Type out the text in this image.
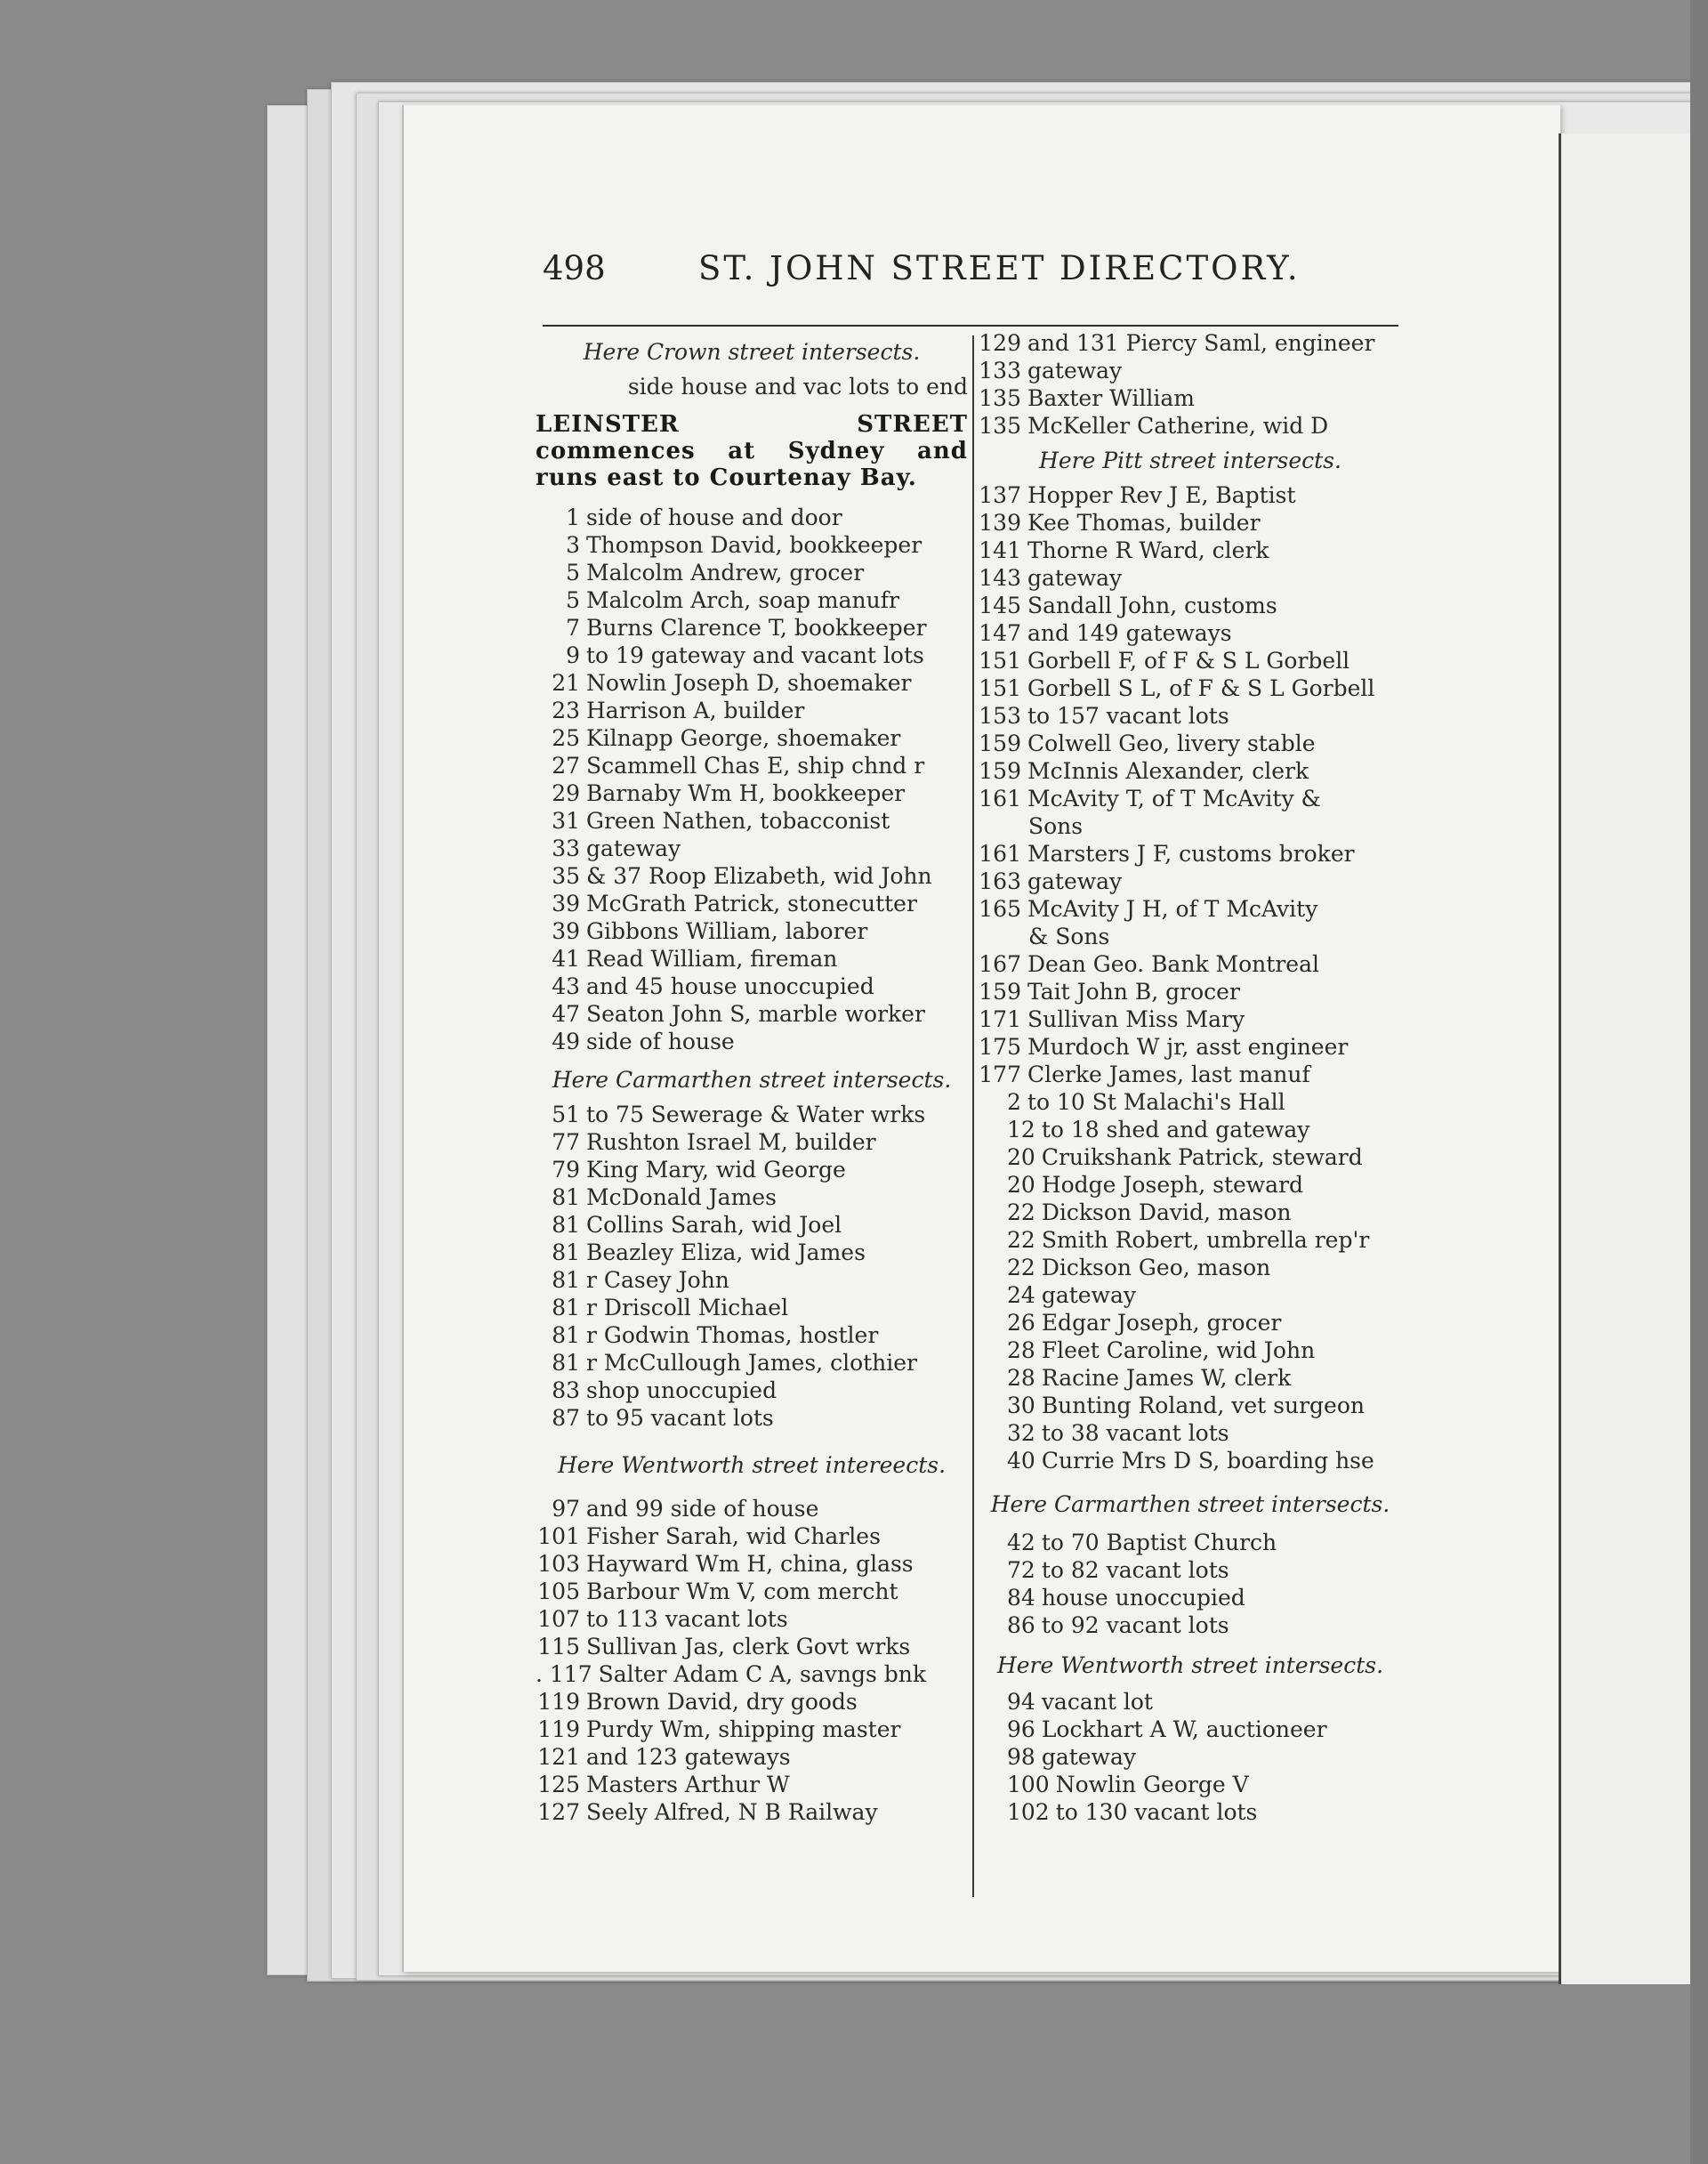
498	ST. JOHN STREET DIRECTORY.
Here Crown street intersects.
side house and vac lots to end
LEINSTER STREET commences at Sydney and runs east to Courtenay Bay.
1 side of house and door
3 Thompson David, bookkeeper
5 Malcolm Andrew, grocer
5 Malcolm Arch, soap manufr
7 Burns Clarence T, bookkeeper
9 to 19 gateway and vacant lots
21 Nowlin Joseph D, shoemaker
23 Harrison A, builder
25 Kilnapp George, shoemaker
27 Scammell Chas E, ship chnd r
29 Barnaby Wm H, bookkeeper
31 Green Nathen, tobacconist
33 gateway
35 & 37 Roop Elizabeth, wid John
39 McGrath Patrick, stonecutter
39 Gibbons William, laborer
41 Read William, fireman
43 and 45 house unoccupied
47 Seaton John S, marble worker
49 side of house
Here Carmarthen street intersects.
51 to 75 Sewerage & Water wrks
77 Rushton Israel M, builder
79 King Mary, wid George
81 McDonald James
81 Collins Sarah, wid Joel
81 Beazley Eliza, wid James
81 r Casey John
81 r Driscoll Michael
81 r Godwin Thomas, hostler
81 r McCullough James, clothier
83 shop unoccupied
87 to 95 vacant lots
Here Wentworth street intereects.
97 and 99 side of house
101 Fisher Sarah, wid Charles
103 Hayward Wm H, china, glass
105 Barbour Wm V, com mercht
107 to 113 vacant lots
115 Sullivan Jas, clerk Govt wrks
. 117 Salter Adam C A, savngs bnk
119 Brown David, dry goods
119 Purdy Wm, shipping master
121 and 123 gateways
125 Masters Arthur W
127 Seely Alfred, N B Railway
129 and 131 Piercy Saml, engineer
133 gateway
135 Baxter William
135 McKeller Catherine, wid D
Here Pitt street intersects.
137 Hopper Rev J E, Baptist
139 Kee Thomas, builder
141 Thorne R Ward, clerk
143 gateway
145 Sandall John, customs
147 and 149 gateways
151 Gorbell F, of F & S L Gorbell
151 Gorbell S L, of F & S L Gorbell
153 to 157 vacant lots
159 Colwell Geo, livery stable
159 McInnis Alexander, clerk
161 McAvity T, of T McAvity &
Sons
161 Marsters J F, customs broker
163 gateway
165 McAvity J H, of T McAvity
& Sons
167 Dean Geo. Bank Montreal
159 Tait John B, grocer
171 Sullivan Miss Mary
175 Murdoch W jr, asst engineer
177 Clerke James, last manuf
2 to 10 St Malachi's Hall
12 to 18 shed and gateway
20 Cruikshank Patrick, steward
20 Hodge Joseph, steward
22 Dickson David, mason
22 Smith Robert, umbrella rep'r
22 Dickson Geo, mason
24 gateway
26 Edgar Joseph, grocer
28 Fleet Caroline, wid John
28 Racine James W, clerk
30 Bunting Roland, vet surgeon
32 to 38 vacant lots
40 Currie Mrs D S, boarding hse
Here Carmarthen street intersects.
42 to 70 Baptist Church
72 to 82 vacant lots
84 house unoccupied
86 to 92 vacant lots
Here Wentworth street intersects.
94 vacant lot
96 Lockhart A W, auctioneer
98 gateway
100 Nowlin George V
102 to 130 vacant lots
